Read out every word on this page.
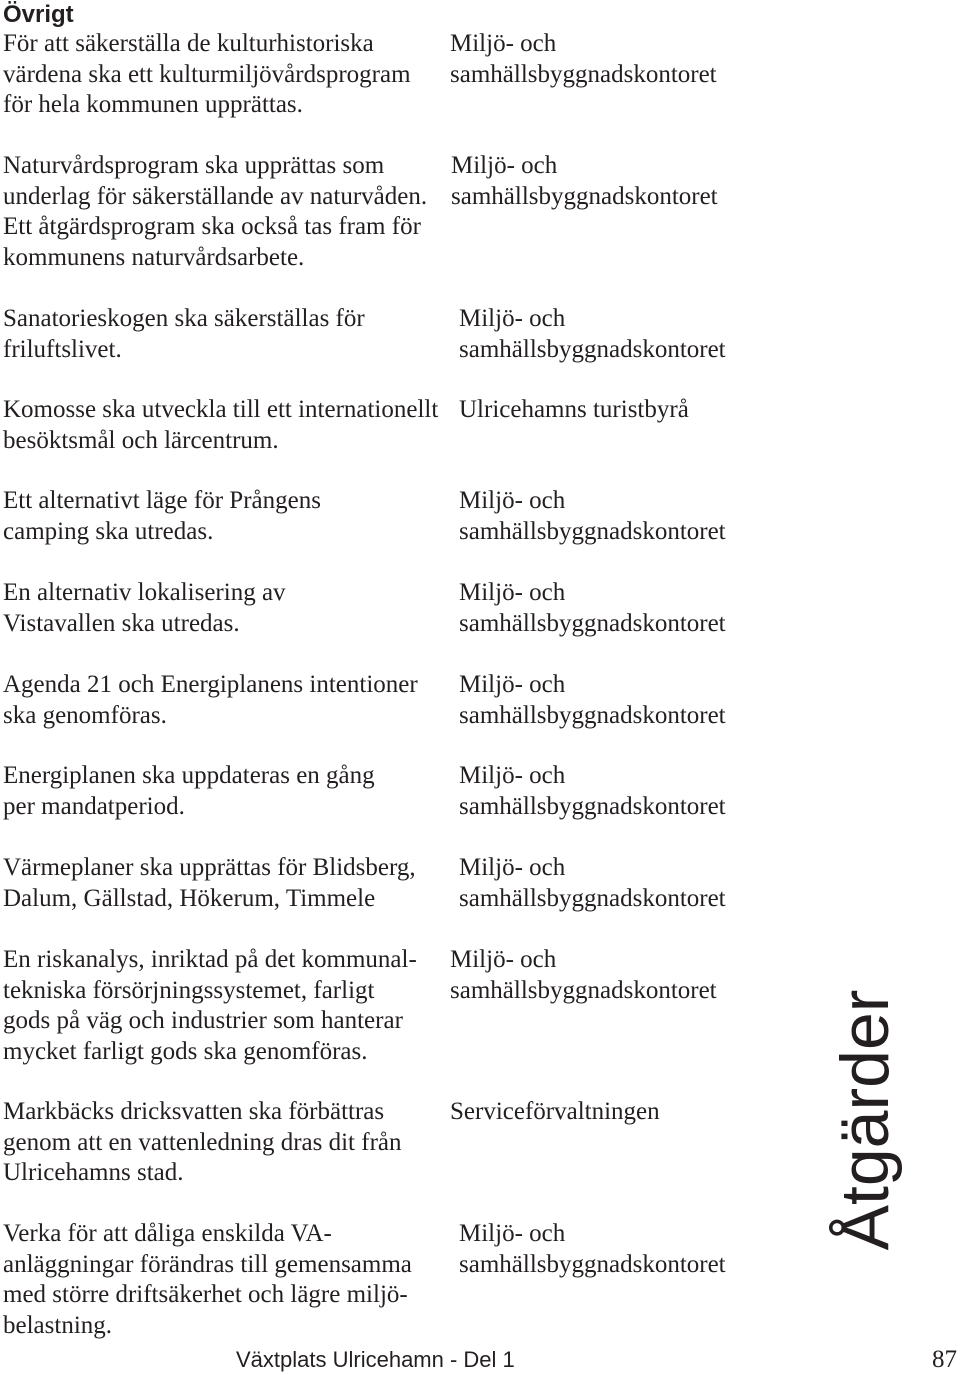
Övrigt
För att säkerställa de kulturhistoriska
värdena ska ett kulturmiljövårdsprogram
för hela kommunen upprättas.
Miljö- och
samhällsbyggnadskontoret
Naturvårdsprogram ska upprättas som
underlag för säkerställande av naturvåden.
Ett åtgärdsprogram ska också tas fram för
kommunens naturvårdsarbete.
Miljö- och
samhällsbyggnadskontoret
Sanatorieskogen ska säkerställas för
friluftslivet.
Miljö- och
samhällsbyggnadskontoret
Komosse ska utveckla till ett internationellt
besöktsmål och lärcentrum.
Ulricehamns turistbyrå
Ett alternativt läge för Prångens
camping ska utredas.
Miljö- och
samhällsbyggnadskontoret
En alternativ lokalisering av
Vistavallen ska utredas.
Miljö- och
samhällsbyggnadskontoret
Agenda 21 och Energiplanens intentioner
ska genomföras.
Miljö- och
samhällsbyggnadskontoret
Energiplanen ska uppdateras en gång
per mandatperiod.
Miljö- och
samhällsbyggnadskontoret
Värmeplaner ska upprättas för Blidsberg,
Dalum, Gällstad, Hökerum, Timmele
Miljö- och
samhällsbyggnadskontoret
En riskanalys, inriktad på det kommunal-
tekniska försörjningssystemet, farligt
gods på väg och industrier som hanterar
mycket farligt gods ska genomföras.
Miljö- och
samhällsbyggnadskontoret
Markbäcks dricksvatten ska förbättras
genom att en vattenledning dras dit från
Ulricehamns stad.
Serviceförvaltningen
Verka för att dåliga enskilda VA-
anläggningar förändras till gemensamma
med större driftsäkerhet och lägre miljö-
belastning.
Miljö- och
samhällsbyggnadskontoret
Åtgärder
Växtplats Ulricehamn - Del 1	87
